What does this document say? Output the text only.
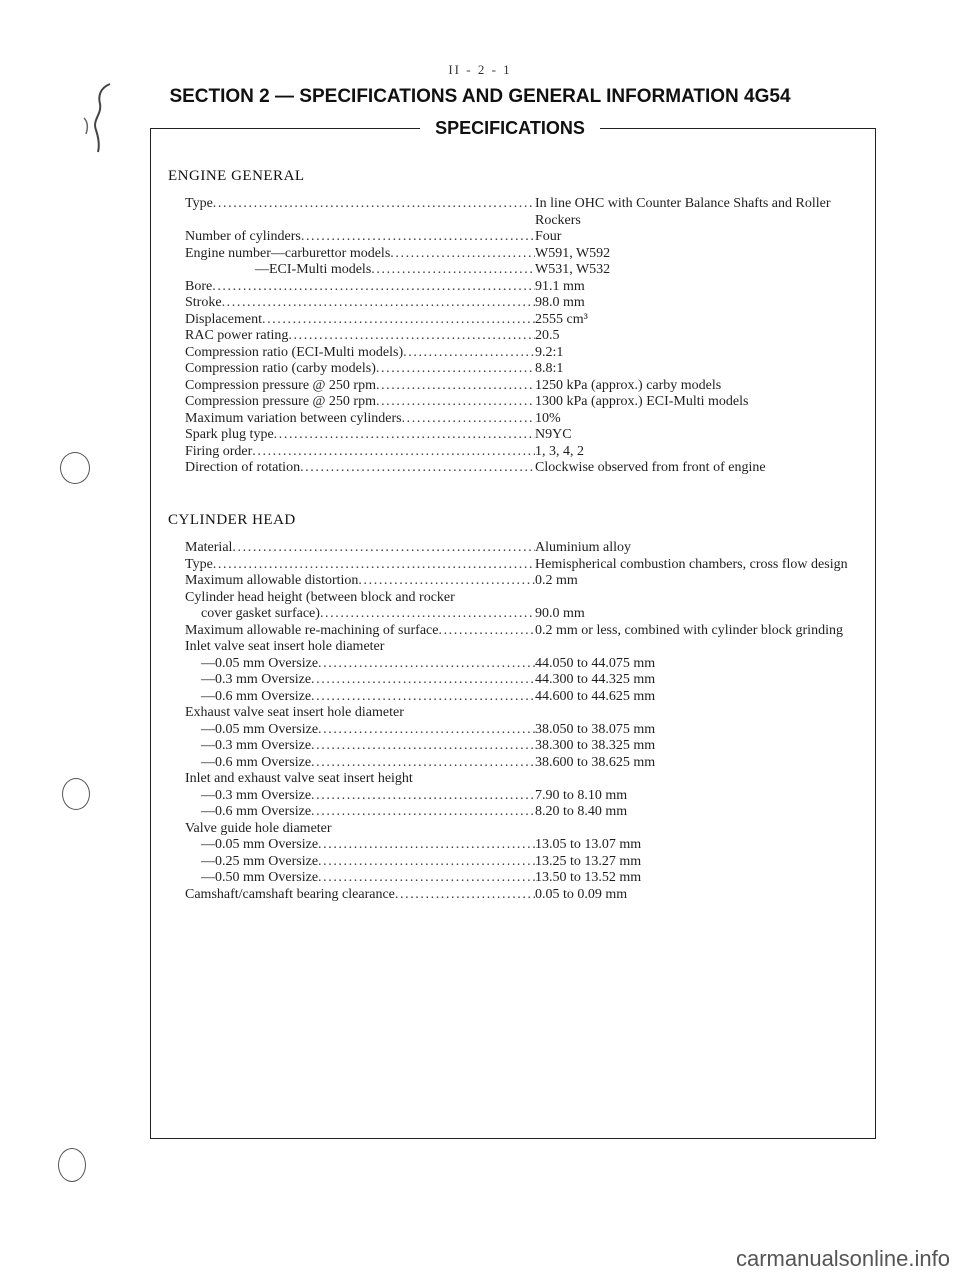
II - 2 - 1
SECTION 2 — SPECIFICATIONS AND GENERAL INFORMATION 4G54
SPECIFICATIONS
ENGINE GENERAL
Type .....	In line OHC with Counter Balance Shafts and Roller Rockers
Number of cylinders .....	Four
Engine number—carburettor models .....	W591, W592
—ECI-Multi models .....	W531, W532
Bore .....	91.1 mm
Stroke .....	98.0 mm
Displacement .....	2555 cm³
RAC power rating .....	20.5
Compression ratio (ECI-Multi models) .....	9.2:1
Compression ratio (carby models) .....	8.8:1
Compression pressure @ 250 rpm .....	1250 kPa (approx.) carby models
Compression pressure @ 250 rpm .....	1300 kPa (approx.) ECI-Multi models
Maximum variation between cylinders .....	10%
Spark plug type .....	N9YC
Firing order .....	1, 3, 4, 2
Direction of rotation .....	Clockwise observed from front of engine
CYLINDER HEAD
Material .....	Aluminium alloy
Type .....	Hemispherical combustion chambers, cross flow design
Maximum allowable distortion .....	0.2 mm
Cylinder head height (between block and rocker
cover gasket surface) .....	90.0 mm
Maximum allowable re-machining of surface .....	0.2 mm or less, combined with cylinder block grinding
Inlet valve seat insert hole diameter
—0.05 mm Oversize .....	44.050 to 44.075 mm
—0.3 mm Oversize .....	44.300 to 44.325 mm
—0.6 mm Oversize .....	44.600 to 44.625 mm
Exhaust valve seat insert hole diameter
—0.05 mm Oversize .....	38.050 to 38.075 mm
—0.3 mm Oversize .....	38.300 to 38.325 mm
—0.6 mm Oversize .....	38.600 to 38.625 mm
Inlet and exhaust valve seat insert height
—0.3 mm Oversize .....	7.90 to 8.10 mm
—0.6 mm Oversize .....	8.20 to 8.40 mm
Valve guide hole diameter
—0.05 mm Oversize .....	13.05 to 13.07 mm
—0.25 mm Oversize .....	13.25 to 13.27 mm
—0.50 mm Oversize .....	13.50 to 13.52 mm
Camshaft/camshaft bearing clearance .....	0.05 to 0.09 mm
carmanualsonline.info
